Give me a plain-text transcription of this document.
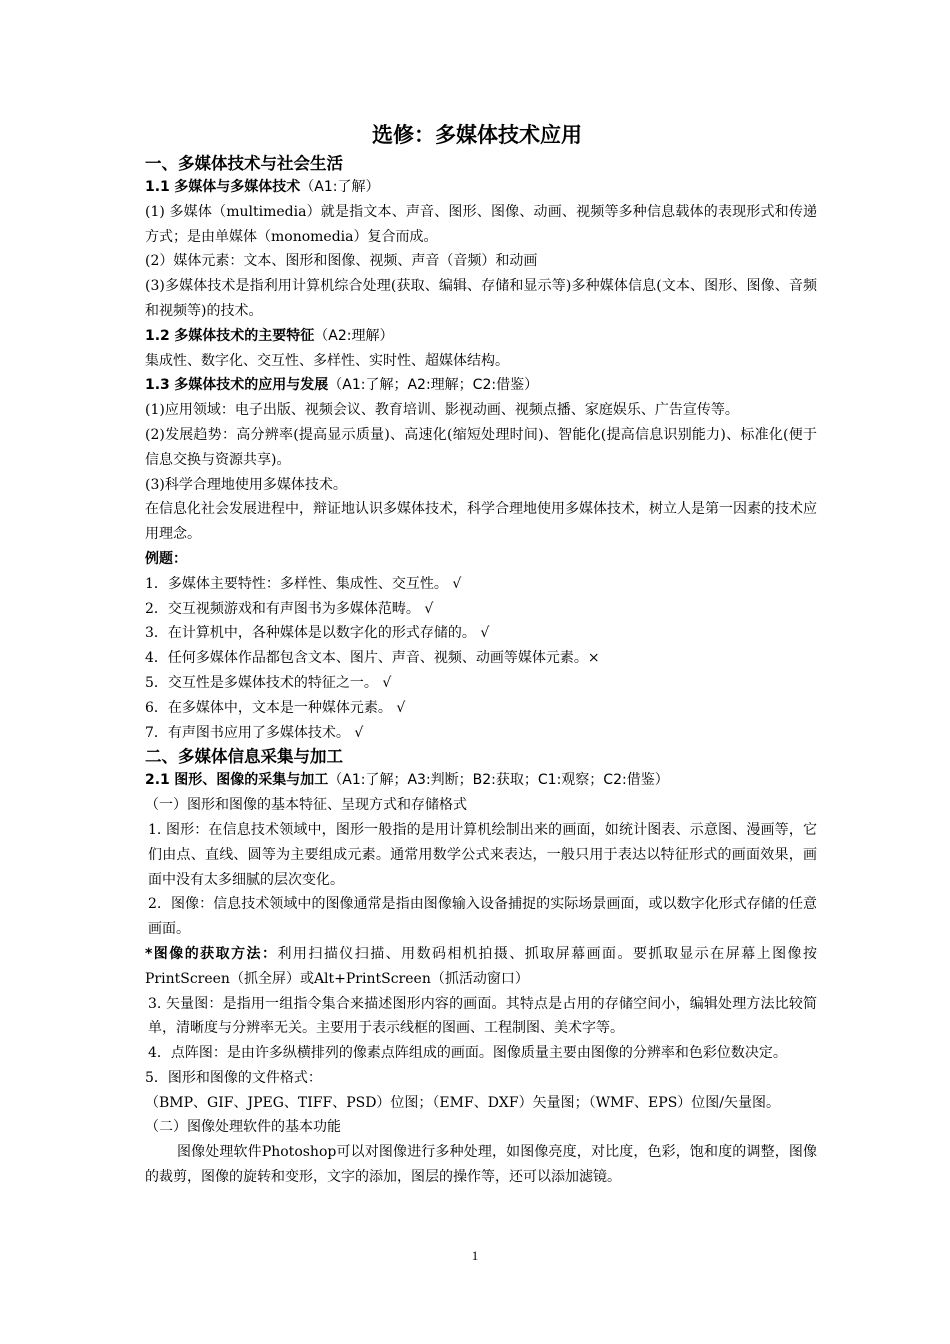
选修：多媒体技术应用
一、多媒体技术与社会生活
1.1 多媒体与多媒体技术（A1:了解）

(1) 多媒体（multimedia）就是指文本、声音、图形、图像、动画、视频等多种信息载体的表现形式和传递方式；是由单媒体（monomedia）复合而成。

(2）媒体元素：文本、图形和图像、视频、声音（音频）和动画

(3)多媒体技术是指利用计算机综合处理(获取、编辑、存储和显示等)多种媒体信息(文本、图形、图像、音频和视频等)的技术。

1.2 多媒体技术的主要特征（A2:理解）

集成性、数字化、交互性、多样性、实时性、超媒体结构。

1.3 多媒体技术的应用与发展（A1:了解；A2:理解；C2:借鉴）

(1)应用领域：电子出版、视频会议、教育培训、影视动画、视频点播、家庭娱乐、广告宣传等。

(2)发展趋势：高分辨率(提高显示质量)、高速化(缩短处理时间)、智能化(提高信息识别能力)、标准化(便于信息交换与资源共享)。

(3)科学合理地使用多媒体技术。

在信息化社会发展进程中，辩证地认识多媒体技术，科学合理地使用多媒体技术，树立人是第一因素的技术应用理念。

例题：

1．多媒体主要特性：多样性、集成性、交互性。 √

2．交互视频游戏和有声图书为多媒体范畴。 √

3．在计算机中，各种媒体是以数字化的形式存储的。 √

4．任何多媒体作品都包含文本、图片、声音、视频、动画等媒体元素。×

5．交互性是多媒体技术的特征之一。 √

6．在多媒体中，文本是一种媒体元素。 √

7．有声图书应用了多媒体技术。 √

二、多媒体信息采集与加工
2.1 图形、图像的采集与加工（A1:了解；A3:判断；B2:获取；C1:观察；C2:借鉴）

（一）图形和图像的基本特征、呈现方式和存储格式

1. 图形：在信息技术领域中，图形一般指的是用计算机绘制出来的画面，如统计图表、示意图、漫画等，它们由点、直线、圆等为主要组成元素。通常用数学公式来表达，一般只用于表达以特征形式的画面效果，画面中没有太多细腻的层次变化。

2．图像：信息技术领域中的图像通常是指由图像输入设备捕捉的实际场景画面，或以数字化形式存储的任意画面。

*图像的获取方法：利用扫描仪扫描、用数码相机拍摄、抓取屏幕画面。要抓取显示在屏幕上图像按PrintScreen（抓全屏）或Alt+PrintScreen（抓活动窗口）

3. 矢量图：是指用一组指令集合来描述图形内容的画面。其特点是占用的存储空间小，编辑处理方法比较简单，清晰度与分辨率无关。主要用于表示线框的图画、工程制图、美术字等。

4．点阵图：是由许多纵横排列的像素点阵组成的画面。图像质量主要由图像的分辨率和色彩位数决定。

5．图形和图像的文件格式：

（BMP、GIF、JPEG、TIFF、PSD）位图；（EMF、DXF）矢量图；（WMF、EPS）位图/矢量图。

（二）图像处理软件的基本功能

图像处理软件Photoshop可以对图像进行多种处理，如图像亮度，对比度，色彩，饱和度的调整，图像的裁剪，图像的旋转和变形，文字的添加，图层的操作等，还可以添加滤镜。

1
